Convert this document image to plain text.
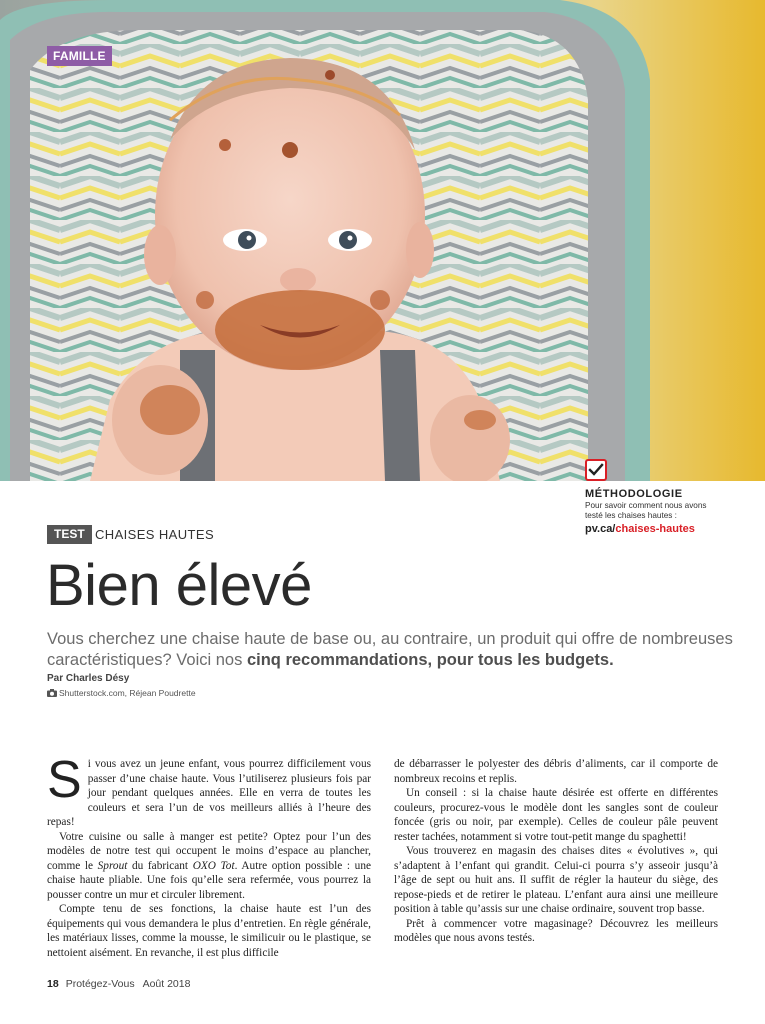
FAMILLE
MÉTHODOLOGIE
Pour savoir comment nous avons testé les chaises hautes :
pv.ca/chaises-hautes
TEST CHAISES HAUTES
Bien élevé

Vous cherchez une chaise haute de base ou, au contraire, un produit qui offre de nombreuses caractéristiques? Voici nos cinq recommandations, pour tous les budgets.

Par Charles Désy
Shutterstock.com, Réjean Poudrette

Si vous avez un jeune enfant, vous pourrez difficilement vous passer d’une chaise haute. Vous l’utiliserez plusieurs fois par jour pendant quelques années. Elle en verra de toutes les couleurs et sera l’un de vos meilleurs alliés à l’heure des repas!

Votre cuisine ou salle à manger est petite? Optez pour l’un des modèles de notre test qui occupent le moins d’espace au plancher, comme le Sprout du fabricant OXO Tot. Autre option possible : une chaise haute pliable. Une fois qu’elle sera refermée, vous pourrez la pousser contre un mur et circuler librement.

Compte tenu de ses fonctions, la chaise haute est l’un des équipements qui vous demandera le plus d’entretien. En règle générale, les matériaux lisses, comme la mousse, le similicuir ou le plastique, se nettoient aisément. En revanche, il est plus difficile

de débarrasser le polyester des débris d’aliments, car il comporte de nombreux recoins et replis.

Un conseil : si la chaise haute désirée est offerte en différentes couleurs, procurez-vous le modèle dont les sangles sont de couleur foncée (gris ou noir, par exemple). Celles de couleur pâle peuvent rester tachées, notamment si votre tout-petit mange du spaghetti!

Vous trouverez en magasin des chaises dites « évolutives », qui s’adaptent à l’enfant qui grandit. Celui-ci pourra s’y asseoir jusqu’à l’âge de sept ou huit ans. Il suffit de régler la hauteur du siège, des repose-pieds et de retirer le plateau. L’enfant aura ainsi une meilleure position à table qu’assis sur une chaise ordinaire, souvent trop basse.

Prêt à commencer votre magasinage? Découvrez les meilleurs modèles que nous avons testés.

18 Protégez-Vous Août 2018
